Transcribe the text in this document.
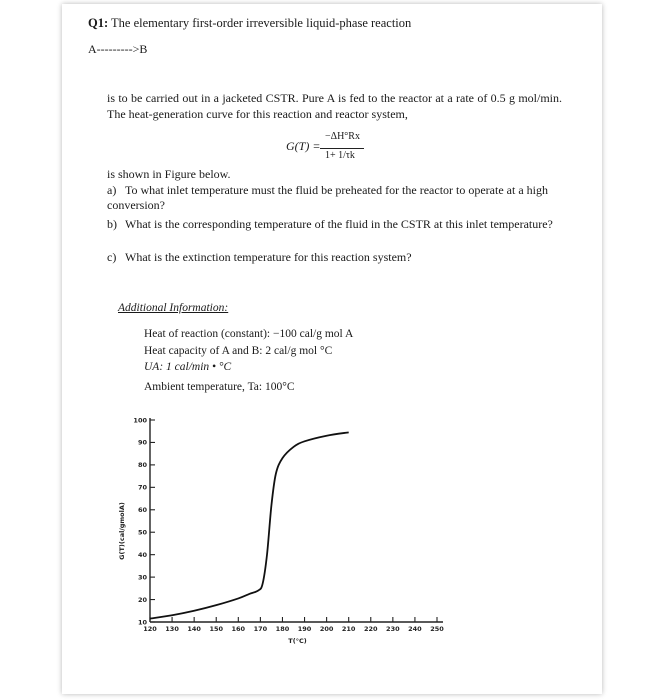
Q1: The elementary first-order irreversible liquid-phase reaction
A--------->B
is to be carried out in a jacketed CSTR. Pure A is fed to the reactor at a rate of 0.5 g mol/min. The heat-generation curve for this reaction and reactor system,
G(T) =
−ΔH°Rx
1+ 1/τk
is shown in Figure below.
a) To what inlet temperature must the fluid be preheated for the reactor to operate at a high conversion?
b) What is the corresponding temperature of the fluid in the CSTR at this inlet temperature?
c) What is the extinction temperature for this reaction system?
Additional Information:
Heat of reaction (constant): −100 cal/g mol A
Heat capacity of A and B: 2 cal/g mol °C
UA: 1 cal/min • °C
Ambient temperature, Ta: 100°C
10
20
30
40
50
60
70
80
90
100
120 130 140 150 160 170 180 190 200 210 220 230 240 250
T(°C)
G(T)(cal/gmolA)
